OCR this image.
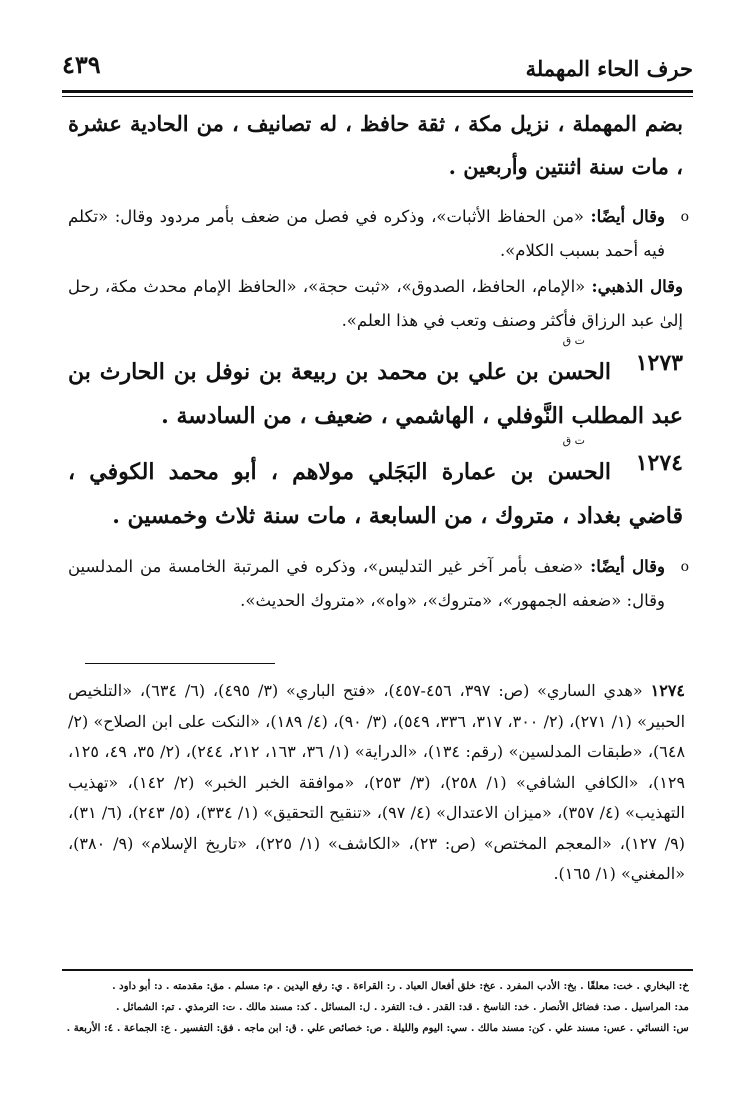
حرف الحاء المهملة
٤٣٩
بضم المهملة ، نزيل مكة ، ثقة حافظ ، له تصانيف ، من الحادية عشرة ، مات سنة اثنتين وأربعين .
o
وقال أيضًا: «من الحفاظ الأثبات»، وذكره في فصل من ضعف بأمر مردود وقال: «تكلم فيه أحمد بسبب الكلام».
وقال الذهبي: «الإمام، الحافظ، الصدوق»، «ثبت حجة»، «الحافظ الإمام محدث مكة، رحل إلىٰ عبد الرزاق فأكثر وصنف وتعب في هذا العلم».
ت ق
١٢٧٣
الحسن بن علي بن محمد بن ربيعة بن نوفل بن الحارث بن عبد المطلب النَّوفلي ، الهاشمي ، ضعيف ، من السادسة .
ت ق
١٢٧٤
الحسن بن عمارة البَجَلي مولاهم ، أبو محمد الكوفي ، قاضي بغداد ، متروك ، من السابعة ، مات سنة ثلاث وخمسين .
o
وقال أيضًا: «ضعف بأمر آخر غير التدليس»، وذكره في المرتبة الخامسة من المدلسين وقال: «ضعفه الجمهور»، «متروك»، «واه»، «متروك الحديث».
١٢٧٤«هدي الساري» (ص: ٣٩٧، ٤٥٦-٤٥٧)، «فتح الباري» (٣/ ٤٩٥)، (٦/ ٦٣٤)، «التلخيص الحبير» (١/ ٢٧١)، (٢/ ٣٠٠، ٣١٧، ٣٣٦، ٥٤٩)، (٣/ ٩٠)، (٤/ ١٨٩)، «النكت على ابن الصلاح» (٢/ ٦٤٨)، «طبقات المدلسين» (رقم: ١٣٤)، «الدراية» (١/ ٣٦، ١٦٣، ٢١٢، ٢٤٤)، (٢/ ٣٥، ٤٩، ١٢٥، ١٢٩)، «الكافي الشافي» (١/ ٢٥٨)، (٣/ ٢٥٣)، «موافقة الخبر الخبر» (٢/ ١٤٢)، «تهذيب التهذيب» (٤/ ٣٥٧)، «ميزان الاعتدال» (٤/ ٩٧)، «تنقيح التحقيق» (١/ ٣٣٤)، (٥/ ٢٤٣)، (٦/ ٣١)، (٩/ ١٢٧)، «المعجم المختص» (ص: ٢٣)، «الكاشف» (١/ ٢٢٥)، «تاريخ الإسلام» (٩/ ٣٨٠)، «المغني» (١/ ١٦٥).
خ: البخاري . خت: معلقًا . بخ: الأدب المفرد . عخ: خلق أفعال العباد . ر: القراءة . ي: رفع اليدين . م: مسلم . مق: مقدمته . د: أبو داود .
مد: المراسيل . صد: فضائل الأنصار . خد: الناسخ . قد: القدر . ف: التفرد . ل: المسائل . كد: مسند مالك . ت: الترمذي . تم: الشمائل .
س: النسائي . عس: مسند علي . كن: مسند مالك . سي: اليوم والليلة . ص: خصائص علي . ق: ابن ماجه . فق: التفسير . ع: الجماعة . ٤: الأربعة .
